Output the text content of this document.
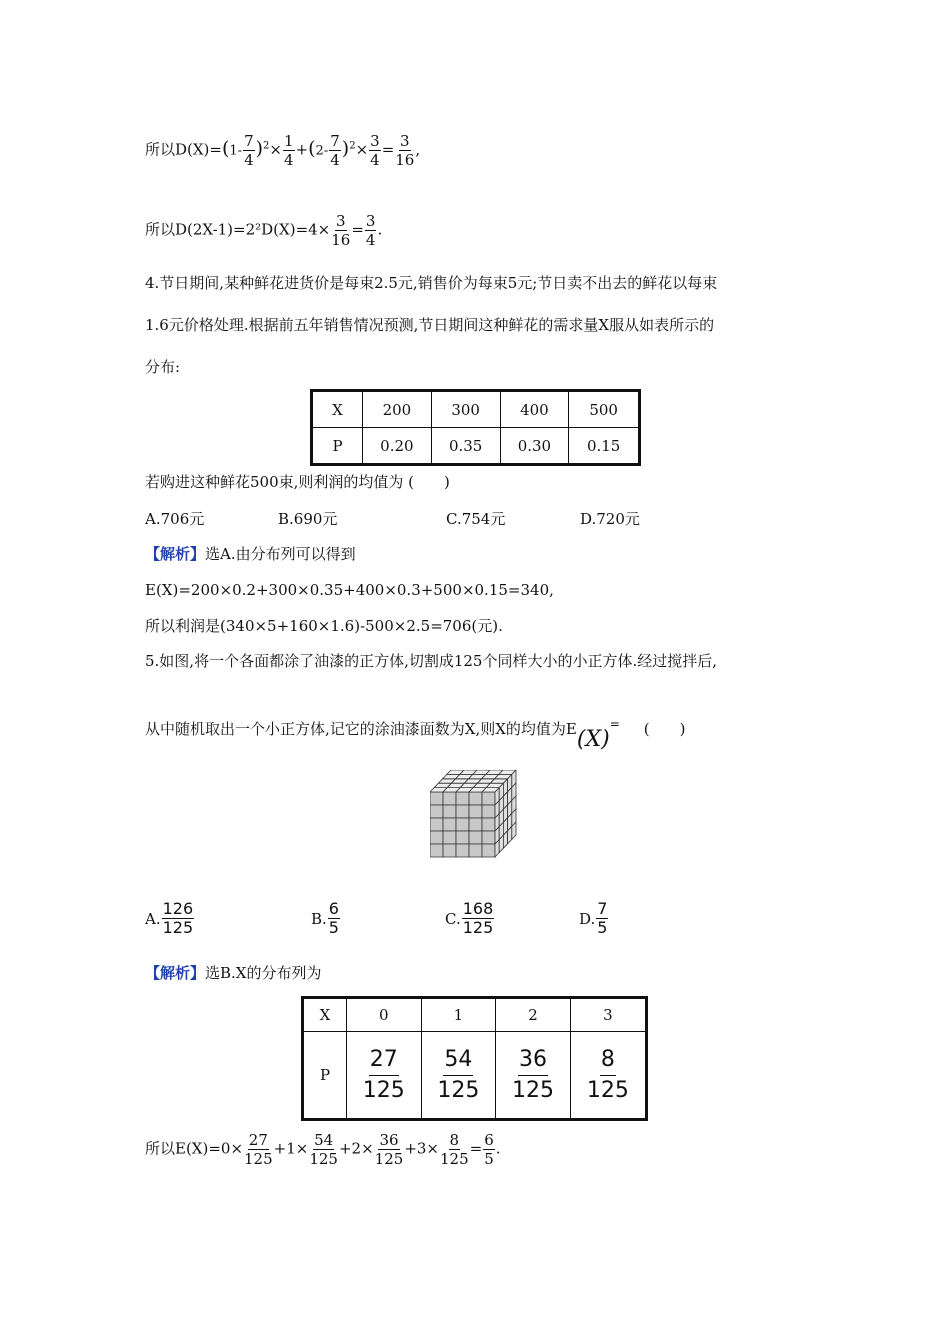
所以$D(X)=(1- \frac{7}{4} )^2\times \frac{1}{4} +(2- \frac{7}{4} )^2\times \frac{3}{4} = \frac{3}{16}$ ,
所以$D(2X-1)=2^2D(X)=4\times \frac{3}{16} = \frac{3}{4}$ .
4.节日期间,某种鲜花进货价是每束2.5元,销售价为每束5元;节日卖不出去的鲜花以每束
1.6元价格处理.根据前五年销售情况预测,节日期间这种鲜花的需求量X服从如表所示的
分布:
X	200	300	400	500
P	0.20	0.35	0.30	0.15
若购进这种鲜花500束,则利润的均值为 (　　)
A.706元	B.690元	C.754元	D.720元
【解析】选A.由分布列可以得到
E(X)=200×0.2+300×0.35+400×0.3+500×0.15=340,
所以利润是(340×5+160×1.6)-500×2.5=706(元).
5.如图,将一个各面都涂了油漆的正方体,切割成125个同样大小的小正方体.经过搅拌后,
从中随机取出一个小正方体,记它的涂油漆面数为X,则X的均值为E(X)= (　　)
A. $\frac{126}{125}$	B. $\frac{6}{5}$	C. $\frac{168}{125}$	D. $\frac{7}{5}$
【解析】选B.X的分布列为
X	0	1	2	3
P	$\frac{27}{125}$	$\frac{54}{125}$	$\frac{36}{125}$	$\frac{8}{125}$
所以$E(X)=0\times \frac{27}{125} +1\times \frac{54}{125} +2\times \frac{36}{125} +3\times \frac{8}{125} = \frac{6}{5}$ .
